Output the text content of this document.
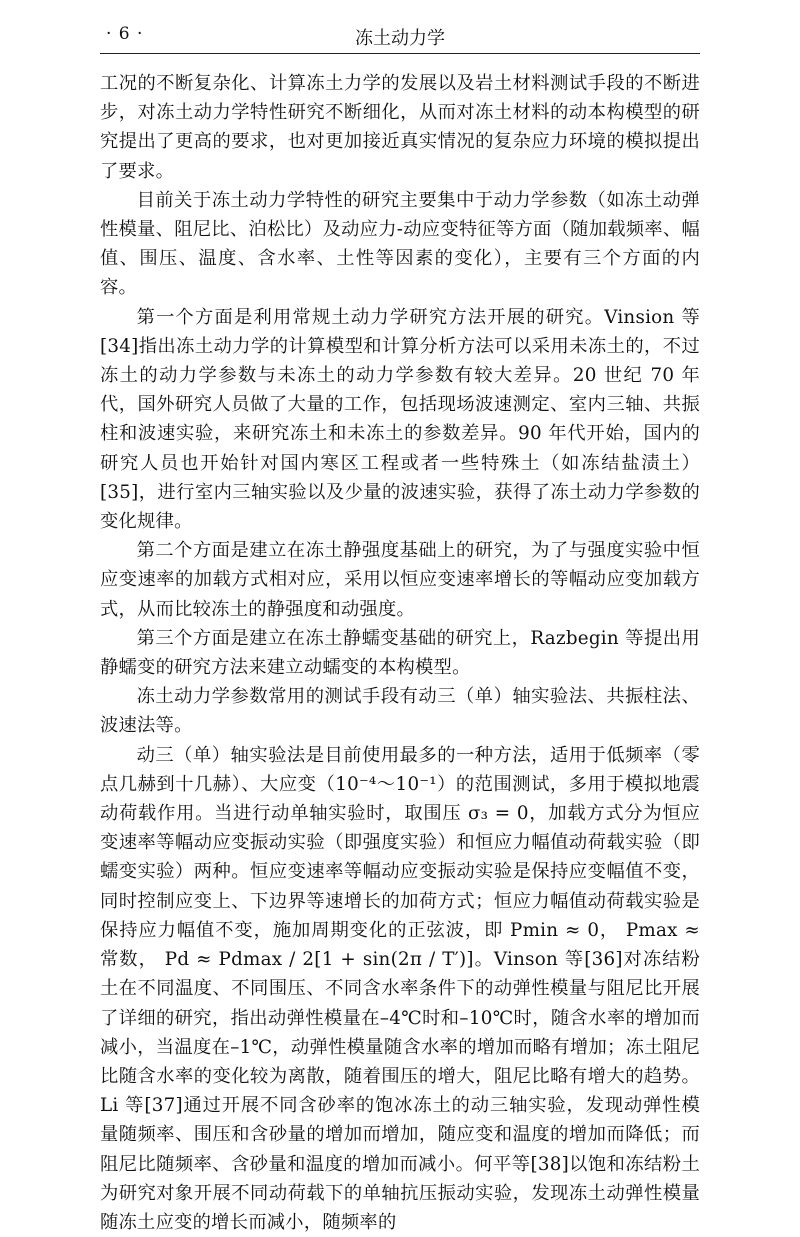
· 6 ·	冻土动力学

工况的不断复杂化、计算冻土力学的发展以及岩土材料测试手段的不断进步，对冻土动力学特性研究不断细化，从而对冻土材料的动本构模型的研究提出了更高的要求，也对更加接近真实情况的复杂应力环境的模拟提出了要求。

目前关于冻土动力学特性的研究主要集中于动力学参数（如冻土动弹性模量、阻尼比、泊松比）及动应力-动应变特征等方面（随加载频率、幅值、围压、温度、含水率、土性等因素的变化），主要有三个方面的内容。

第一个方面是利用常规土动力学研究方法开展的研究。Vinsion 等[34]指出冻土动力学的计算模型和计算分析方法可以采用未冻土的，不过冻土的动力学参数与未冻土的动力学参数有较大差异。20 世纪 70 年代，国外研究人员做了大量的工作，包括现场波速测定、室内三轴、共振柱和波速实验，来研究冻土和未冻土的参数差异。90 年代开始，国内的研究人员也开始针对国内寒区工程或者一些特殊土（如冻结盐渍土）[35]，进行室内三轴实验以及少量的波速实验，获得了冻土动力学参数的变化规律。

第二个方面是建立在冻土静强度基础上的研究，为了与强度实验中恒应变速率的加载方式相对应，采用以恒应变速率增长的等幅动应变加载方式，从而比较冻土的静强度和动强度。

第三个方面是建立在冻土静蠕变基础的研究上，Razbegin 等提出用静蠕变的研究方法来建立动蠕变的本构模型。

冻土动力学参数常用的测试手段有动三（单）轴实验法、共振柱法、波速法等。

动三（单）轴实验法是目前使用最多的一种方法，适用于低频率（零点几赫到十几赫）、大应变（10⁻⁴～10⁻¹）的范围测试，多用于模拟地震动荷载作用。当进行动单轴实验时，取围压 σ₃ = 0，加载方式分为恒应变速率等幅动应变振动实验（即强度实验）和恒应力幅值动荷载实验（即蠕变实验）两种。恒应变速率等幅动应变振动实验是保持应变幅值不变，同时控制应变上、下边界等速增长的加荷方式；恒应力幅值动荷载实验是保持应力幅值不变，施加周期变化的正弦波，即 Pmin ≈ 0， Pmax ≈ 常数， Pd ≈ Pdmax / 2[1 + sin(2π / T′)]。Vinson 等[36]对冻结粉土在不同温度、不同围压、不同含水率条件下的动弹性模量与阻尼比开展了详细的研究，指出动弹性模量在–4℃时和–10℃时，随含水率的增加而减小，当温度在–1℃，动弹性模量随含水率的增加而略有增加；冻土阻尼比随含水率的变化较为离散，随着围压的增大，阻尼比略有增大的趋势。Li 等[37]通过开展不同含砂率的饱冰冻土的动三轴实验，发现动弹性模量随频率、围压和含砂量的增加而增加，随应变和温度的增加而降低；而阻尼比随频率、含砂量和温度的增加而减小。何平等[38]以饱和冻结粉土为研究对象开展不同动荷载下的单轴抗压振动实验，发现冻土动弹性模量随冻土应变的增长而减小，随频率的
